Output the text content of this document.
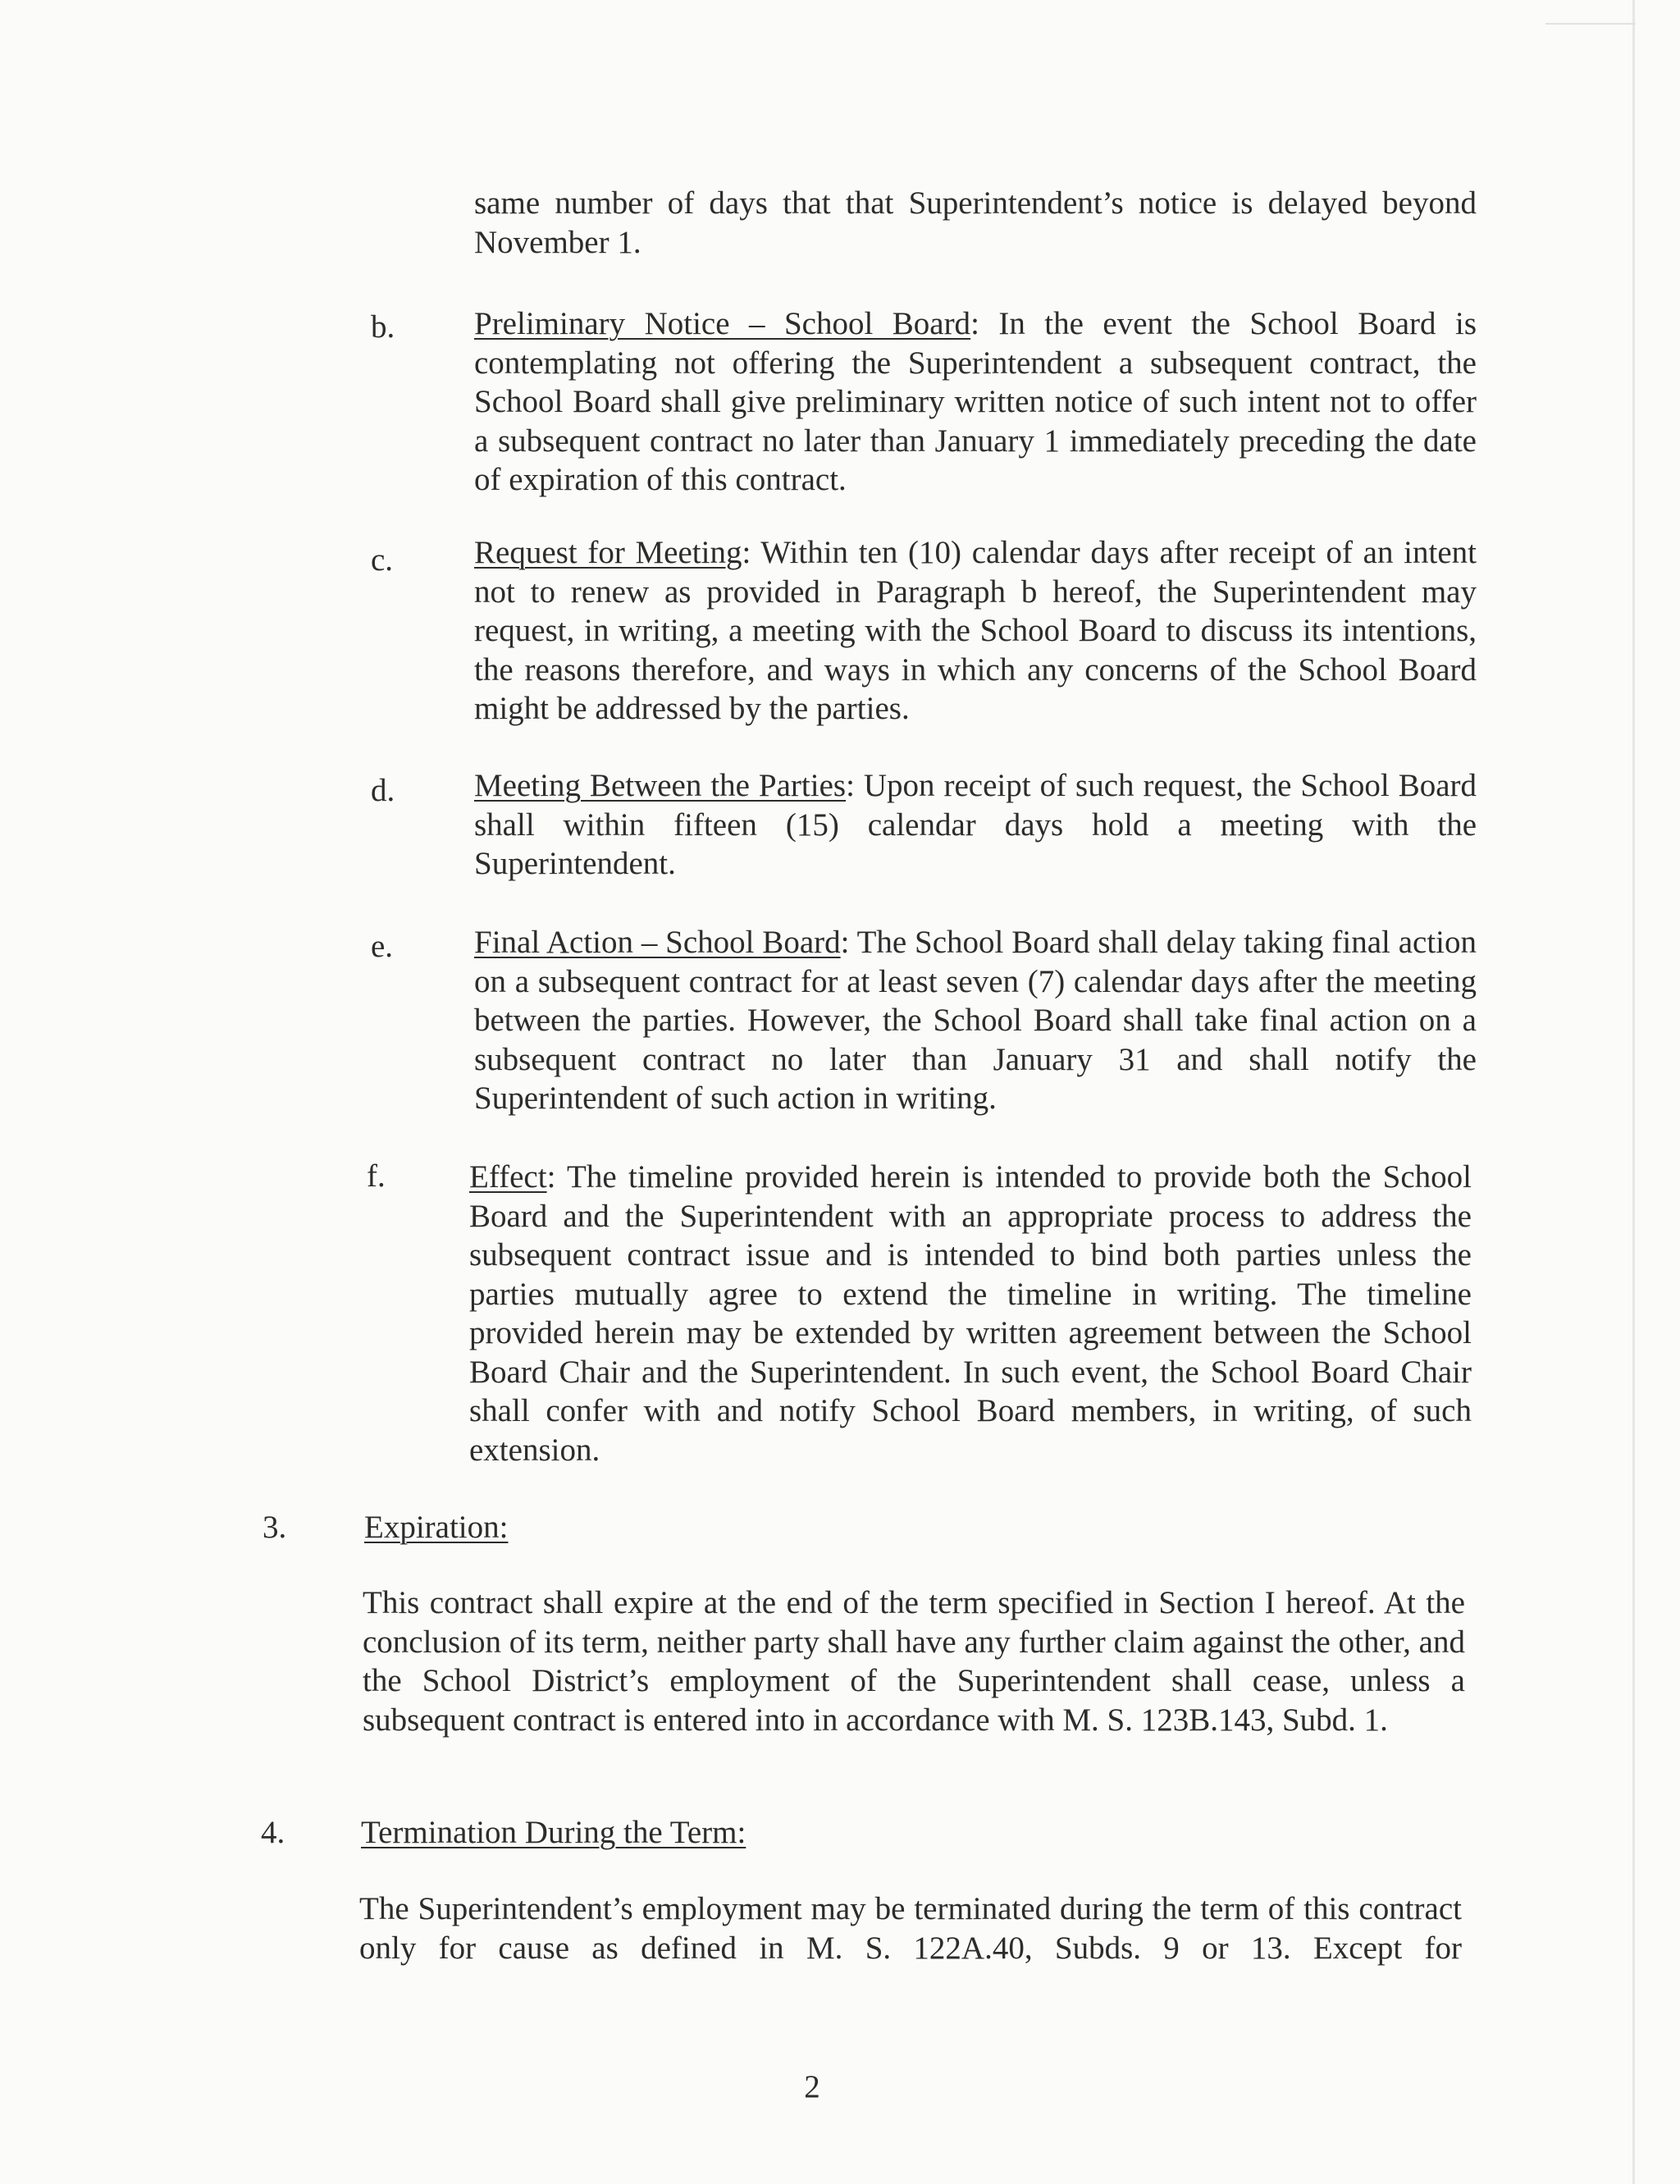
same number of days that that Superintendent’s notice is delayed beyond November 1.

b. Preliminary Notice – School Board: In the event the School Board is contemplating not offering the Superintendent a subsequent contract, the School Board shall give preliminary written notice of such intent not to offer a subsequent contract no later than January 1 immediately preceding the date of expiration of this contract.

c.	Request for Meeting: Within ten (10) calendar days after receipt of an intent not to renew as provided in Paragraph b hereof, the Superintendent may request, in writing, a meeting with the School Board to discuss its intentions, the reasons therefore, and ways in which any concerns of the School Board might be addressed by the parties.

d. Meeting Between the Parties: Upon receipt of such request, the School Board shall within fifteen (15) calendar days hold a meeting with the Superintendent.

e.	Final Action – School Board: The School Board shall delay taking final action on a subsequent contract for at least seven (7) calendar days after the meeting between the parties. However, the School Board shall take final action on a subsequent contract no later than January 31 and shall notify the Superintendent of such action in writing.

f.	Effect: The timeline provided herein is intended to provide both the School Board and the Superintendent with an appropriate process to address the subsequent contract issue and is intended to bind both parties unless the parties mutually agree to extend the timeline in writing. The timeline provided herein may be extended by written agreement between the School Board Chair and the Superintendent. In such event, the School Board Chair shall confer with and notify School Board members, in writing, of such extension.

3. Expiration:

This contract shall expire at the end of the term specified in Section I hereof. At the conclusion of its term, neither party shall have any further claim against the other, and the School District’s employment of the Superintendent shall cease, unless a subsequent contract is entered into in accordance with M. S. 123B.143, Subd. 1.

4. Termination During the Term:

The Superintendent’s employment may be terminated during the term of this contract only for cause as defined in M. S. 122A.40, Subds. 9 or 13. Except for

2
